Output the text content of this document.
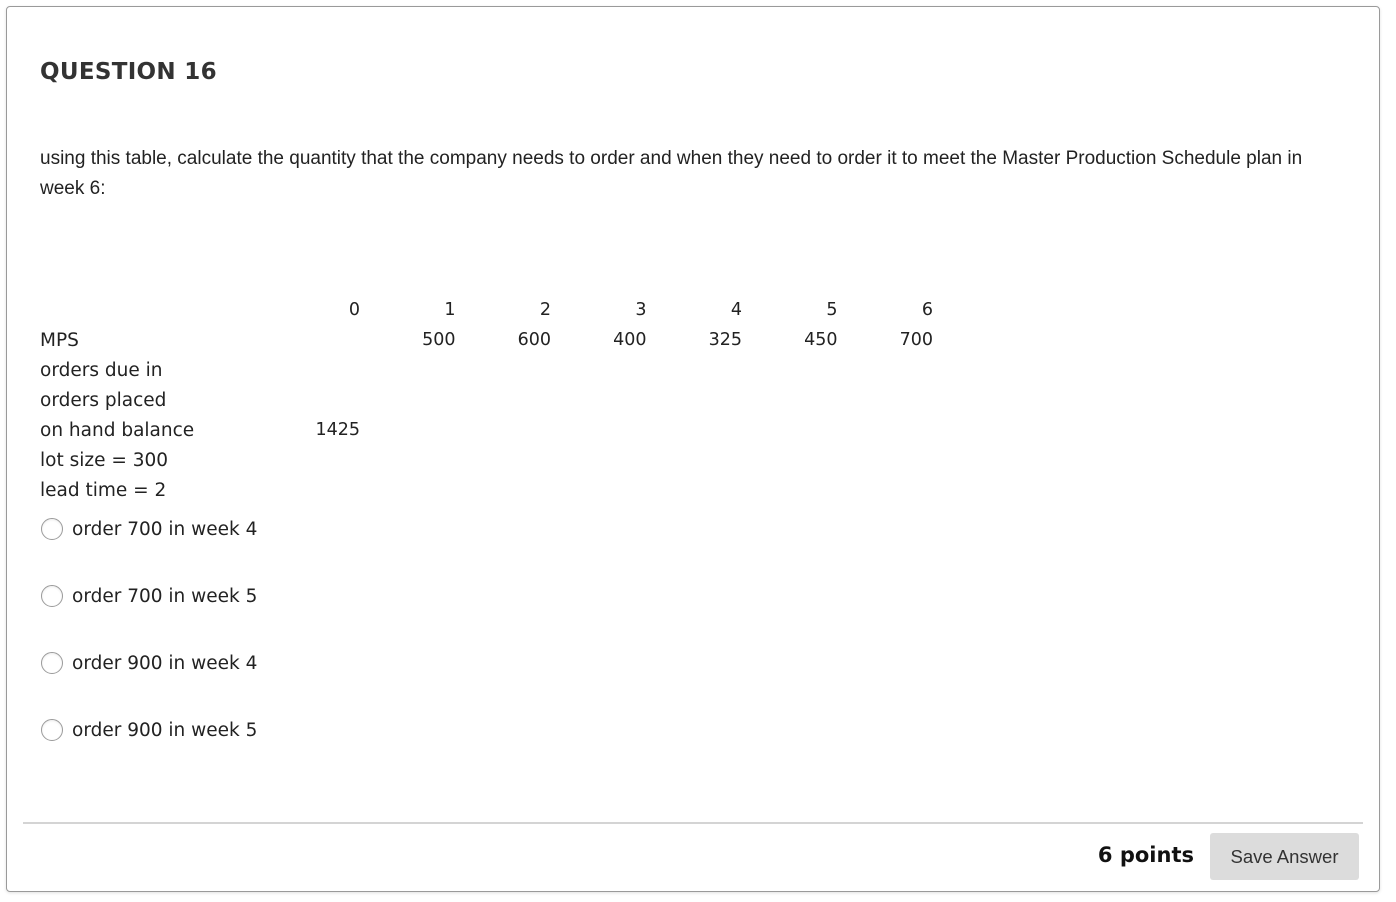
QUESTION 16

using this table, calculate the quantity that the company needs to order and when they need to order it to meet the Master Production Schedule plan in week 6:

	0	1	2	3	4	5	6
MPS		500	600	400	325	450	700
orders due in							
orders placed							
on hand balance	1425						
lot size = 300							
lead time = 2							
order 700 in week 4
order 700 in week 5
order 900 in week 4
order 900 in week 5
6 points	Save Answer
